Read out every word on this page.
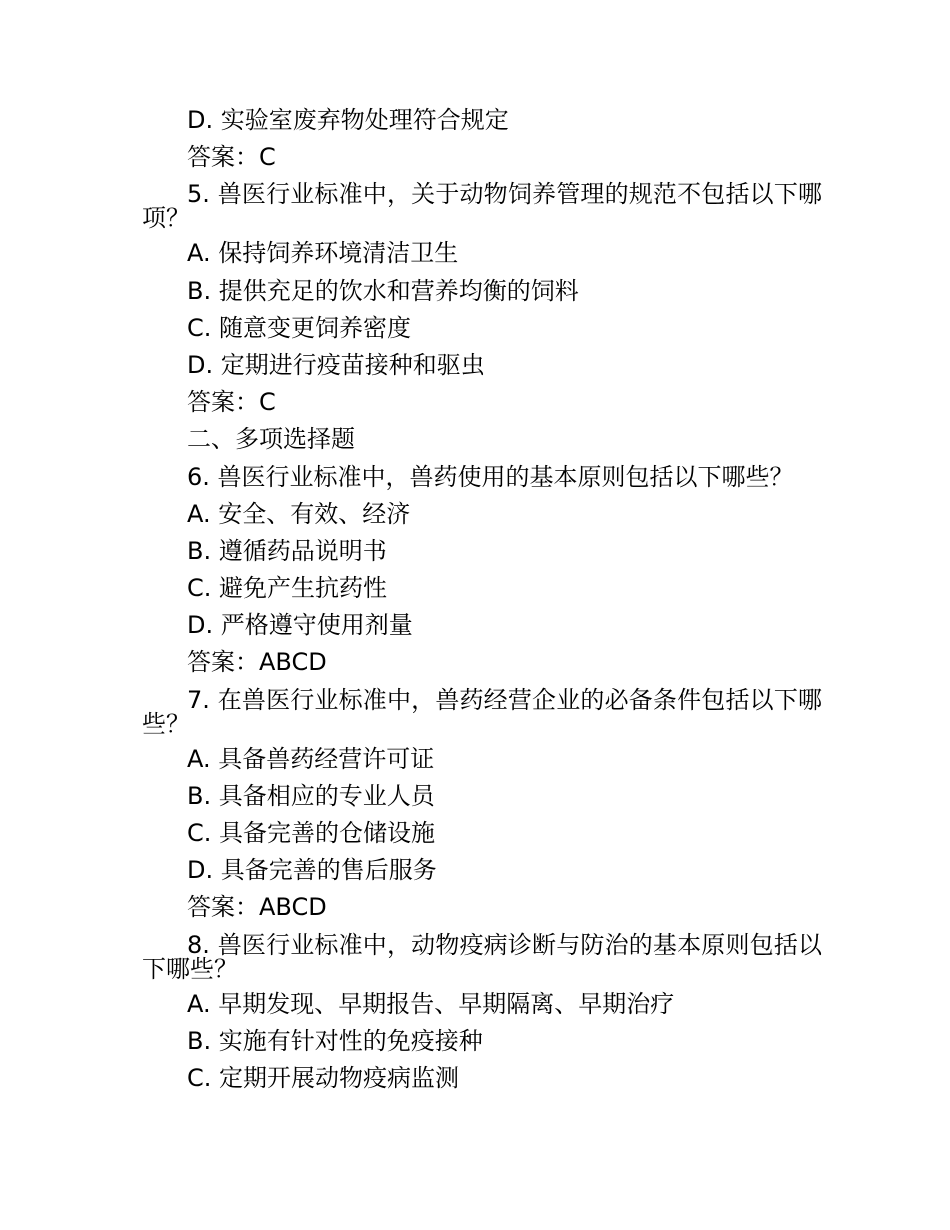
D. 实验室废弃物处理符合规定
答案：C
5. 兽医行业标准中，关于动物饲养管理的规范不包括以下哪项？
A. 保持饲养环境清洁卫生
B. 提供充足的饮水和营养均衡的饲料
C. 随意变更饲养密度
D. 定期进行疫苗接种和驱虫
答案：C
二、多项选择题
6. 兽医行业标准中，兽药使用的基本原则包括以下哪些？
A. 安全、有效、经济
B. 遵循药品说明书
C. 避免产生抗药性
D. 严格遵守使用剂量
答案：ABCD
7. 在兽医行业标准中，兽药经营企业的必备条件包括以下哪些？
A. 具备兽药经营许可证
B. 具备相应的专业人员
C. 具备完善的仓储设施
D. 具备完善的售后服务
答案：ABCD
8. 兽医行业标准中，动物疫病诊断与防治的基本原则包括以下哪些？
A. 早期发现、早期报告、早期隔离、早期治疗
B. 实施有针对性的免疫接种
C. 定期开展动物疫病监测
